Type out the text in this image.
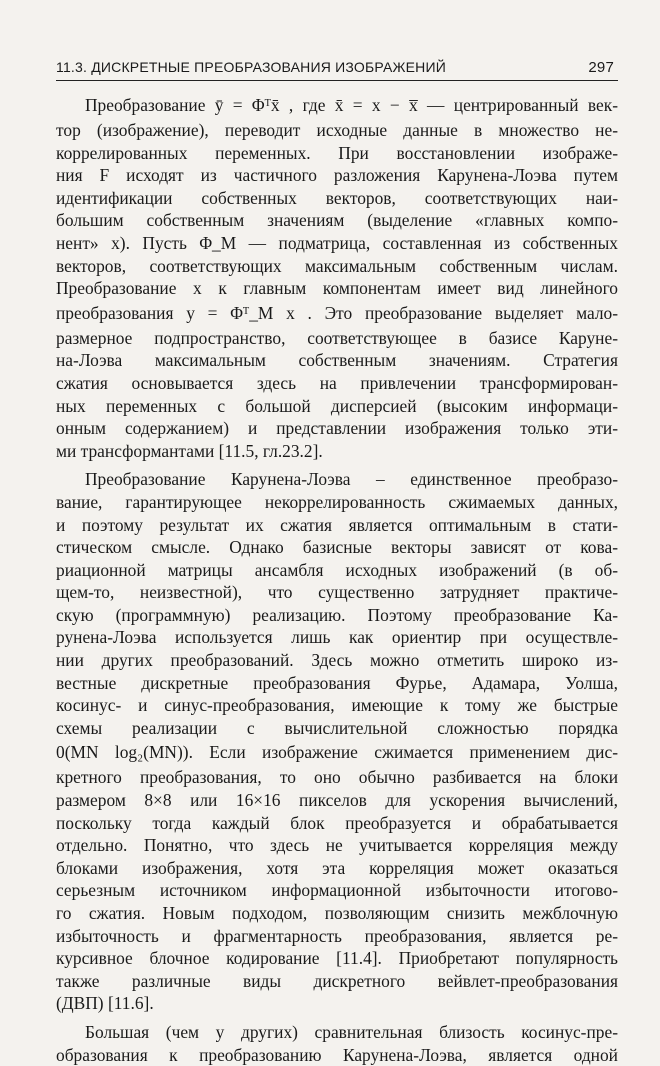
11.3. ДИСКРЕТНЫЕ ПРЕОБРАЗОВАНИЯ ИЗОБРАЖЕНИЙ	297
Преобразование ȳ = Φᵀx̄ , где x̄ = x − x̅ — центрированный век-
тор (изображение), переводит исходные данные в множество не-
коррелированных переменных. При восстановлении изображе-
ния F исходят из частичного разложения Карунена-Лоэва путем
идентификации собственных векторов, соответствующих наи-
большим собственным значениям (выделение «главных компо-
нент» x). Пусть Φ_M — подматрица, составленная из собственных
векторов, соответствующих максимальным собственным числам.
Преобразование x к главным компонентам имеет вид линейного
преобразования y = Φᵀ_M x . Это преобразование выделяет мало-
размерное подпространство, соответствующее в базисе Каруне-
на-Лоэва максимальным собственным значениям. Стратегия
сжатия основывается здесь на привлечении трансформирован-
ных переменных с большой дисперсией (высоким информаци-
онным содержанием) и представлении изображения только эти-
ми трансформантами [11.5, гл.23.2].
Преобразование Карунена-Лоэва – единственное преобразо-
вание, гарантирующее некоррелированность сжимаемых данных,
и поэтому результат их сжатия является оптимальным в стати-
стическом смысле. Однако базисные векторы зависят от кова-
риационной матрицы ансамбля исходных изображений (в об-
щем-то, неизвестной), что существенно затрудняет практиче-
скую (программную) реализацию. Поэтому преобразование Ка-
рунена-Лоэва используется лишь как ориентир при осуществле-
нии других преобразований. Здесь можно отметить широко из-
вестные дискретные преобразования Фурье, Адамара, Уолша,
косинус- и синус-преобразования, имеющие к тому же быстрые
схемы реализации с вычислительной сложностью порядка
0(MN log₂(MN)). Если изображение сжимается применением дис-
кретного преобразования, то оно обычно разбивается на блоки
размером 8×8 или 16×16 пикселов для ускорения вычислений,
поскольку тогда каждый блок преобразуется и обрабатывается
отдельно. Понятно, что здесь не учитывается корреляция между
блоками изображения, хотя эта корреляция может оказаться
серьезным источником информационной избыточности итогово-
го сжатия. Новым подходом, позволяющим снизить межблочную
избыточность и фрагментарность преобразования, является ре-
курсивное блочное кодирование [11.4]. Приобретают популярность
также различные виды дискретного вейвлет-преобразования
(ДВП) [11.6].
Большая (чем у других) сравнительная близость косинус-пре-
образования к преобразованию Карунена-Лоэва, является одной
